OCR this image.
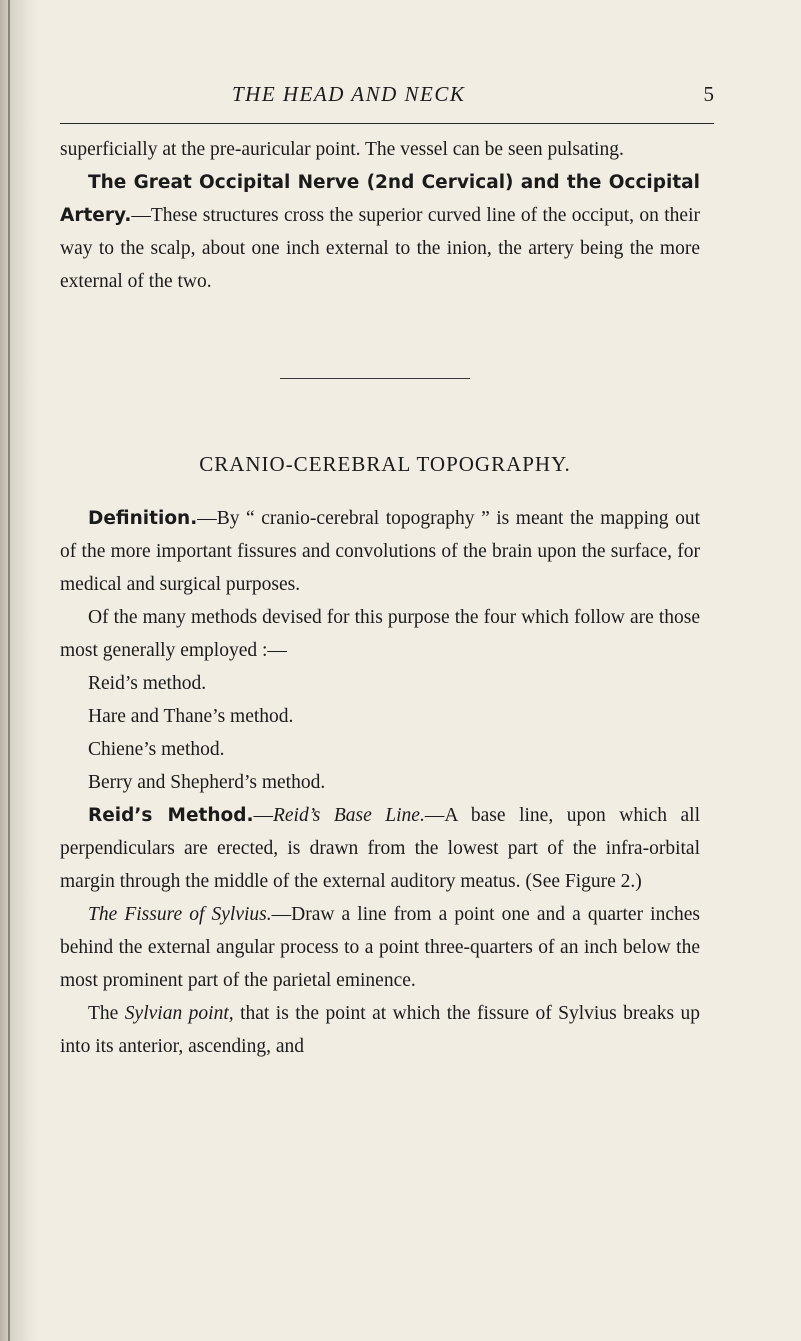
THE HEAD AND NECK	5

superficially at the pre-auricular point. The vessel can be seen pulsating.

The Great Occipital Nerve (2nd Cervical) and the Occipital Artery.—These structures cross the superior curved line of the occiput, on their way to the scalp, about one inch external to the inion, the artery being the more external of the two.

CRANIO-CEREBRAL TOPOGRAPHY.

Definition.—By “ cranio-cerebral topography ” is meant the mapping out of the more important fissures and convolutions of the brain upon the surface, for medical and surgical purposes.

Of the many methods devised for this purpose the four which follow are those most generally employed :—

Reid’s method.

Hare and Thane’s method.

Chiene’s method.

Berry and Shepherd’s method.

Reid’s Method.—Reid’s Base Line.—A base line, upon which all perpendiculars are erected, is drawn from the lowest part of the infra-orbital margin through the middle of the external auditory meatus. (See Figure 2.)

The Fissure of Sylvius.—Draw a line from a point one and a quarter inches behind the external angular process to a point three-quarters of an inch below the most prominent part of the parietal eminence.

The Sylvian point, that is the point at which the fissure of Sylvius breaks up into its anterior, ascending, and
